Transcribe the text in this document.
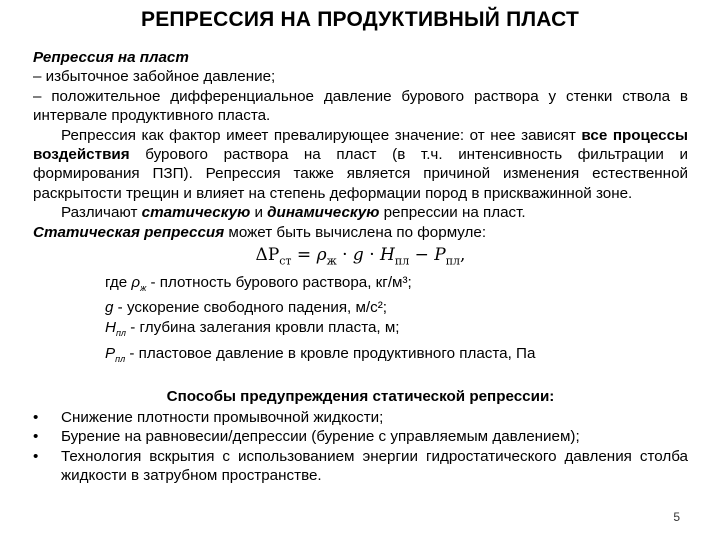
РЕПРЕССИЯ НА ПРОДУКТИВНЫЙ ПЛАСТ

Репрессия на пласт

– избыточное забойное давление;

– положительное дифференциальное давление бурового раствора у стенки ствола в интервале продуктивного пласта.

Репрессия как фактор имеет превалирующее значение: от нее зависят все процессы воздействия бурового раствора на пласт (в т.ч. интенсивность фильтрации и формирования ПЗП). Репрессия также является причиной изменения естественной раскрытости трещин и влияет на степень деформации пород в прискважинной зоне.

Различают статическую и динамическую репрессии на пласт.

Статическая репрессия может быть вычислена по формуле:

$\Delta P_{ст} = \rho_ж \cdot g \cdot H_{пл} - P_{пл}$,

где $\rho_ж$ - плотность бурового раствора, кг/м³;

g - ускорение свободного падения, м/с²;

$H_{пл}$ - глубина залегания кровли пласта, м;

$P_{пл}$ - пластовое давление в кровле продуктивного пласта, Па

Способы предупреждения статической репрессии:

• Снижение плотности промывочной жидкости;
• Бурение на равновесии/депрессии (бурение с управляемым давлением);
• Технология вскрытия с использованием энергии гидростатического давления столба жидкости в затрубном пространстве.
5
